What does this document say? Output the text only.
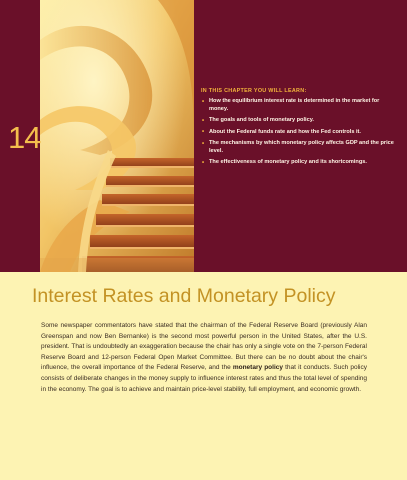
14
IN THIS CHAPTER YOU WILL LEARN:
• How the equilibrium interest rate is determined in the market for money.
• The goals and tools of monetary policy.
• About the Federal funds rate and how the Fed controls it.
• The mechanisms by which monetary policy affects GDP and the price level.
• The effectiveness of monetary policy and its shortcomings.
Interest Rates and Monetary Policy

Some newspaper commentators have stated that the chairman of the Federal Reserve Board (previously Alan Greenspan and now Ben Bernanke) is the second most powerful person in the United States, after the U.S. president. That is undoubtedly an exaggeration because the chair has only a single vote on the 7-person Federal Reserve Board and 12-person Federal Open Market Committee. But there can be no doubt about the chair's influence, the overall importance of the Federal Reserve, and the monetary policy that it conducts. Such policy consists of deliberate changes in the money supply to influence interest rates and thus the total level of spending in the economy. The goal is to achieve and maintain price-level stability, full employment, and economic growth.
